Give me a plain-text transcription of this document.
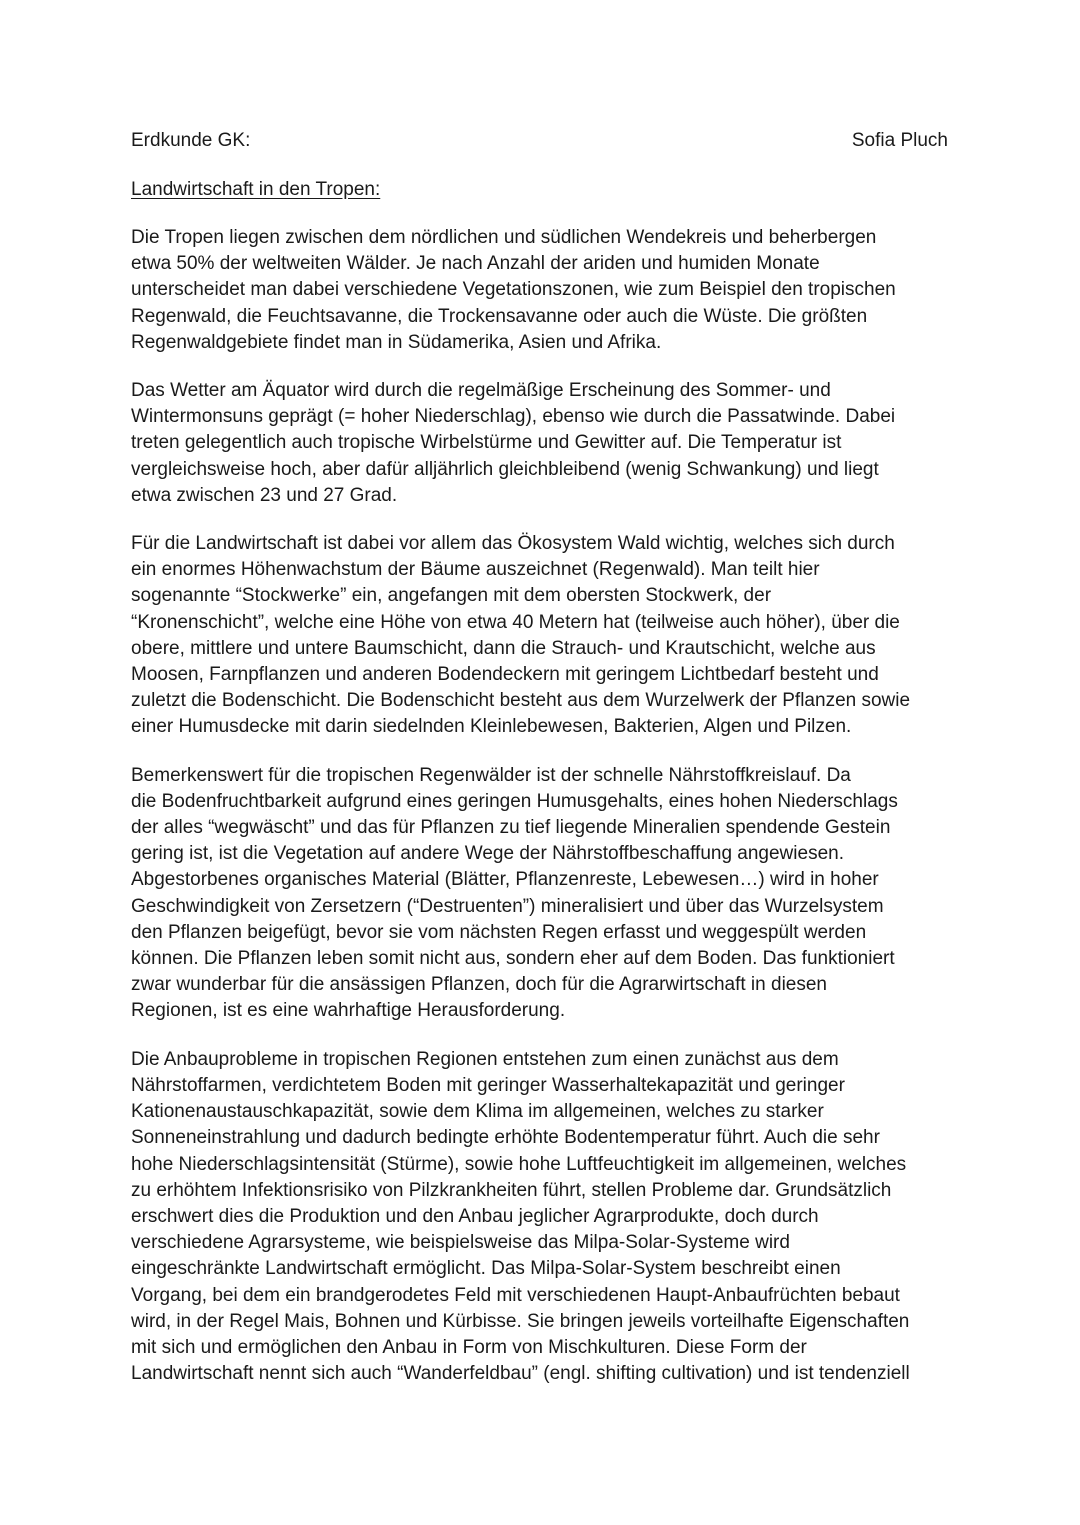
Erdkunde GK:	Sofia Pluch
Landwirtschaft in den Tropen:

Die Tropen liegen zwischen dem nördlichen und südlichen Wendekreis und beherbergen
etwa 50% der weltweiten Wälder. Je nach Anzahl der ariden und humiden Monate
unterscheidet man dabei verschiedene Vegetationszonen, wie zum Beispiel den tropischen
Regenwald, die Feuchtsavanne, die Trockensavanne oder auch die Wüste. Die größten
Regenwaldgebiete findet man in Südamerika, Asien und Afrika.

Das Wetter am Äquator wird durch die regelmäßige Erscheinung des Sommer- und
Wintermonsuns geprägt (= hoher Niederschlag), ebenso wie durch die Passatwinde. Dabei
treten gelegentlich auch tropische Wirbelstürme und Gewitter auf. Die Temperatur ist
vergleichsweise hoch, aber dafür alljährlich gleichbleibend (wenig Schwankung) und liegt
etwa zwischen 23 und 27 Grad.

Für die Landwirtschaft ist dabei vor allem das Ökosystem Wald wichtig, welches sich durch
ein enormes Höhenwachstum der Bäume auszeichnet (Regenwald). Man teilt hier
sogenannte “Stockwerke” ein, angefangen mit dem obersten Stockwerk, der
“Kronenschicht”, welche eine Höhe von etwa 40 Metern hat (teilweise auch höher), über die
obere, mittlere und untere Baumschicht, dann die Strauch- und Krautschicht, welche aus
Moosen, Farnpflanzen und anderen Bodendeckern mit geringem Lichtbedarf besteht und
zuletzt die Bodenschicht. Die Bodenschicht besteht aus dem Wurzelwerk der Pflanzen sowie
einer Humusdecke mit darin siedelnden Kleinlebewesen, Bakterien, Algen und Pilzen.

Bemerkenswert für die tropischen Regenwälder ist der schnelle Nährstoffkreislauf. Da
die Bodenfruchtbarkeit aufgrund eines geringen Humusgehalts, eines hohen Niederschlags
der alles “wegwäscht” und das für Pflanzen zu tief liegende Mineralien spendende Gestein
gering ist, ist die Vegetation auf andere Wege der Nährstoffbeschaffung angewiesen.
Abgestorbenes organisches Material (Blätter, Pflanzenreste, Lebewesen…) wird in hoher
Geschwindigkeit von Zersetzern (“Destruenten”) mineralisiert und über das Wurzelsystem
den Pflanzen beigefügt, bevor sie vom nächsten Regen erfasst und weggespült werden
können. Die Pflanzen leben somit nicht aus, sondern eher auf dem Boden. Das funktioniert
zwar wunderbar für die ansässigen Pflanzen, doch für die Agrarwirtschaft in diesen
Regionen, ist es eine wahrhaftige Herausforderung.

Die Anbauprobleme in tropischen Regionen entstehen zum einen zunächst aus dem
Nährstoffarmen, verdichtetem Boden mit geringer Wasserhaltekapazität und geringer
Kationenaustauschkapazität, sowie dem Klima im allgemeinen, welches zu starker
Sonneneinstrahlung und dadurch bedingte erhöhte Bodentemperatur führt. Auch die sehr
hohe Niederschlagsintensität (Stürme), sowie hohe Luftfeuchtigkeit im allgemeinen, welches
zu erhöhtem Infektionsrisiko von Pilzkrankheiten führt, stellen Probleme dar. Grundsätzlich
erschwert dies die Produktion und den Anbau jeglicher Agrarprodukte, doch durch
verschiedene Agrarsysteme, wie beispielsweise das Milpa-Solar-Systeme wird
eingeschränkte Landwirtschaft ermöglicht. Das Milpa-Solar-System beschreibt einen
Vorgang, bei dem ein brandgerodetes Feld mit verschiedenen Haupt-Anbaufrüchten bebaut
wird, in der Regel Mais, Bohnen und Kürbisse. Sie bringen jeweils vorteilhafte Eigenschaften
mit sich und ermöglichen den Anbau in Form von Mischkulturen. Diese Form der
Landwirtschaft nennt sich auch “Wanderfeldbau” (engl. shifting cultivation) und ist tendenziell
